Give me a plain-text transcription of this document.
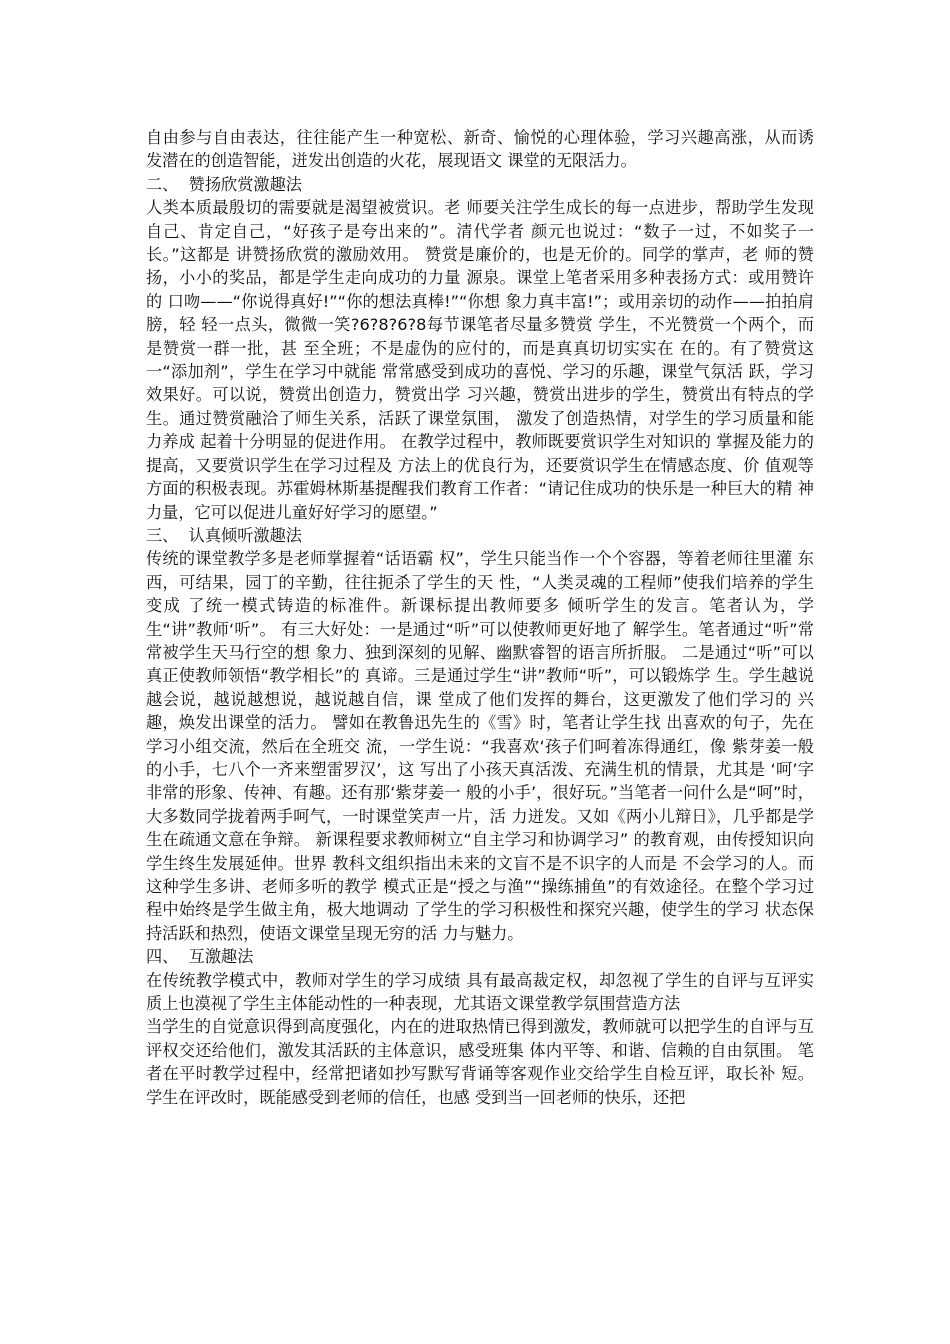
自由参与自由表达，往往能产生一种宽松、新奇、愉悦的心理体验，学习兴趣高涨，从而诱 发潜在的创造智能，迸发出创造的火花，展现语文 课堂的无限活力。

二、  赞扬欣赏激趣法

人类本质最殷切的需要就是渴望被赏识。老 师要关注学生成长的每一点进步，帮助学生发现 自己、肯定自己，“好孩子是夸出来的”。清代学者 颜元也说过：“数子一过，不如奖子一长。”这都是 讲赞扬欣赏的激励效用。 赞赏是廉价的，也是无价的。同学的掌声，老 师的赞扬，小小的奖品，都是学生走向成功的力量 源泉。课堂上笔者采用多种表扬方式：或用赞许的 口吻——“你说得真好!”“你的想法真棒!”“你想 象力真丰富!”；或用亲切的动作——拍拍肩膀，轻 轻一点头，微微一笑?6?8?6?8每节课笔者尽量多赞赏 学生，不光赞赏一个两个，而是赞赏一群一批，甚 至全班；不是虚伪的应付的，而是真真切切实实在 在的。有了赞赏这一“添加剂”，学生在学习中就能 常常感受到成功的喜悦、学习的乐趣，课堂气氛活 跃，学习效果好。可以说，赞赏出创造力，赞赏出学 习兴趣，赞赏出进步的学生，赞赏出有特点的学 生。通过赞赏融洽了师生关系，活跃了课堂氛围， 激发了创造热情，对学生的学习质量和能力养成 起着十分明显的促进作用。 在教学过程中，教师既要赏识学生对知识的 掌握及能力的提高，又要赏识学生在学习过程及 方法上的优良行为，还要赏识学生在情感态度、价 值观等方面的积极表现。苏霍姆林斯基提醒我们教育工作者：“请记住成功的快乐是一种巨大的精 神力量，它可以促进儿童好好学习的愿望。”

三、  认真倾听激趣法

传统的课堂教学多是老师掌握着“话语霸 权”，学生只能当作一个个容器，等着老师往里灌 东西，可结果，园丁的辛勤，往往扼杀了学生的天 性，“人类灵魂的工程师”使我们培养的学生变成 了统一模式铸造的标准件。新课标提出教师要多 倾听学生的发言。笔者认为，学生“讲”教师‘听”。 有三大好处：一是通过“听”可以使教师更好地了 解学生。笔者通过“听”常常被学生天马行空的想 象力、独到深刻的见解、幽默睿智的语言所折服。 二是通过“听”可以真正使教师领悟“教学相长”的 真谛。三是通过学生“讲”教师“听”，可以锻炼学 生。学生越说越会说，越说越想说，越说越自信，课 堂成了他们发挥的舞台，这更激发了他们学习的 兴趣，焕发出课堂的活力。 譬如在教鲁迅先生的《雪》时，笔者让学生找 出喜欢的句子，先在学习小组交流，然后在全班交 流，一学生说：“我喜欢‘孩子们呵着冻得通红，像 紫芽姜一般的小手，七八个一齐来塑雷罗汉’，这 写出了小孩天真活泼、充满生机的情景，尤其是 ‘呵’字非常的形象、传神、有趣。还有那‘紫芽姜一 般的小手’，很好玩。”当笔者一问什么是“呵”时， 大多数同学拢着两手呵气，一时课堂笑声一片，活 力迸发。又如《两小儿辩日》，几乎都是学生在疏通文意在争辩。 新课程要求教师树立“自主学习和协调学习” 的教育观，由传授知识向学生终生发展延伸。世界 教科文组织指出未来的文盲不是不识字的人而是 不会学习的人。而这种学生多讲、老师多听的教学 模式正是“授之与渔”“操练捕鱼”的有效途径。在整个学习过程中始终是学生做主角，极大地调动 了学生的学习积极性和探究兴趣，使学生的学习 状态保持活跃和热烈，使语文课堂呈现无穷的活 力与魅力。

四、  互激趣法

在传统教学模式中，教师对学生的学习成绩 具有最高裁定权，却忽视了学生的自评与互评实 质上也漠视了学生主体能动性的一种表现，尤其语文课堂教学氛围营造方法

当学生的自觉意识得到高度强化，内在的进取热情已得到激发，教师就可以把学生的自评与互评权交还给他们，激发其活跃的主体意识，感受班集 体内平等、和谐、信赖的自由氛围。 笔者在平时教学过程中，经常把诸如抄写默写背诵等客观作业交给学生自检互评，取长补 短。学生在评改时，既能感受到老师的信任，也感 受到当一回老师的快乐，还把
